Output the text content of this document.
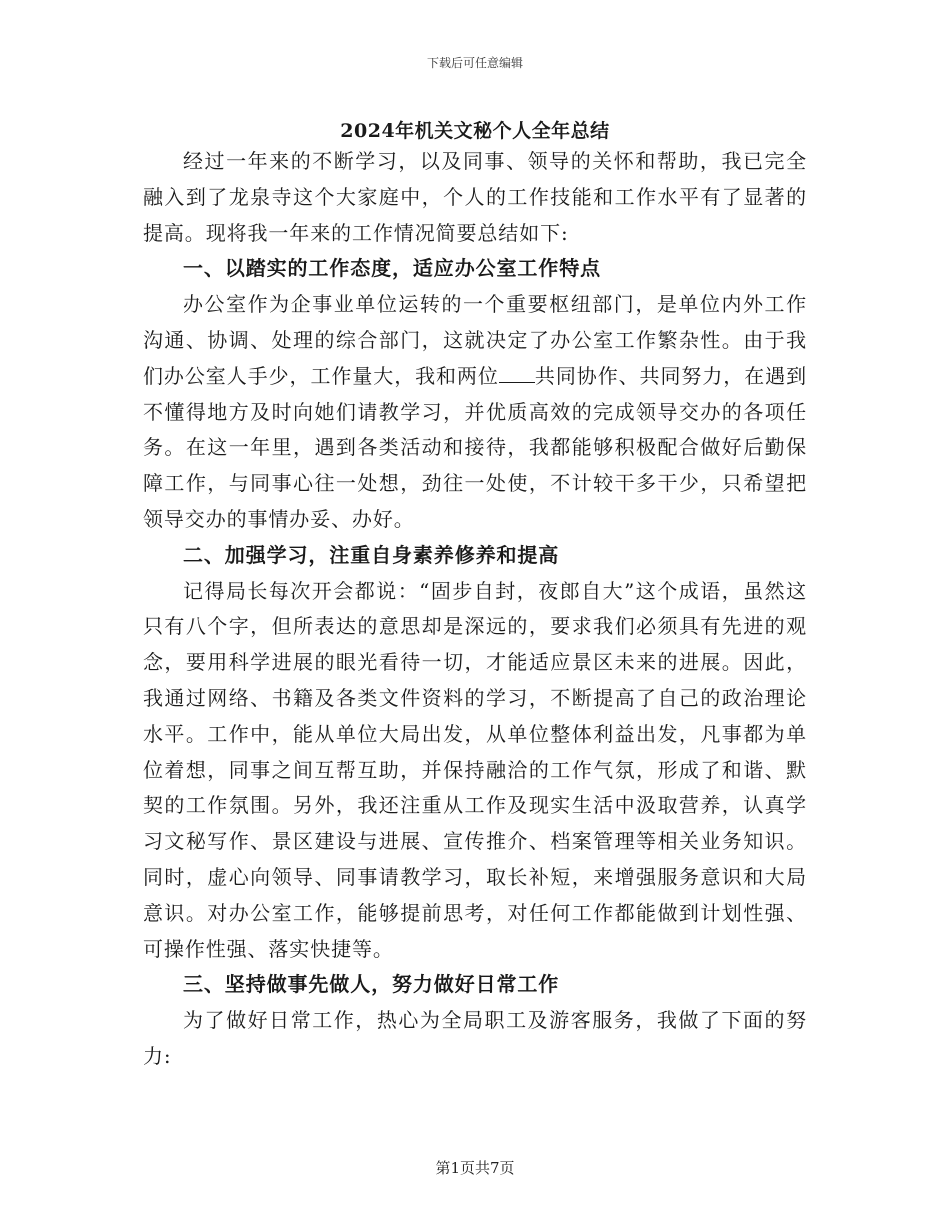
下载后可任意编辑
2024年机关文秘个人全年总结

经过一年来的不断学习，以及同事、领导的关怀和帮助，我已完全融入到了龙泉寺这个大家庭中，个人的工作技能和工作水平有了显著的提高。现将我一年来的工作情况简要总结如下:

一、以踏实的工作态度，适应办公室工作特点

办公室作为企事业单位运转的一个重要枢纽部门，是单位内外工作沟通、协调、处理的综合部门，这就决定了办公室工作繁杂性。由于我们办公室人手少，工作量大，我和两位 共同协作、共同努力，在遇到不懂得地方及时向她们请教学习，并优质高效的完成领导交办的各项任务。在这一年里，遇到各类活动和接待，我都能够积极配合做好后勤保障工作，与同事心往一处想，劲往一处使，不计较干多干少，只希望把领导交办的事情办妥、办好。

二、加强学习，注重自身素养修养和提高

记得局长每次开会都说：“固步自封，夜郎自大”这个成语，虽然这只有八个字，但所表达的意思却是深远的，要求我们必须具有先进的观念，要用科学进展的眼光看待一切，才能适应景区未来的进展。因此，我通过网络、书籍及各类文件资料的学习，不断提高了自己的政治理论水平。工作中，能从单位大局出发，从单位整体利益出发，凡事都为单位着想，同事之间互帮互助，并保持融洽的工作气氛，形成了和谐、默契的工作氛围。另外，我还注重从工作及现实生活中汲取营养，认真学习文秘写作、景区建设与进展、宣传推介、档案管理等相关业务知识。同时，虚心向领导、同事请教学习，取长补短，来增强服务意识和大局意识。对办公室工作，能够提前思考，对任何工作都能做到计划性强、可操作性强、落实快捷等。

三、坚持做事先做人，努力做好日常工作

为了做好日常工作，热心为全局职工及游客服务，我做了下面的努力:

第1页共7页
